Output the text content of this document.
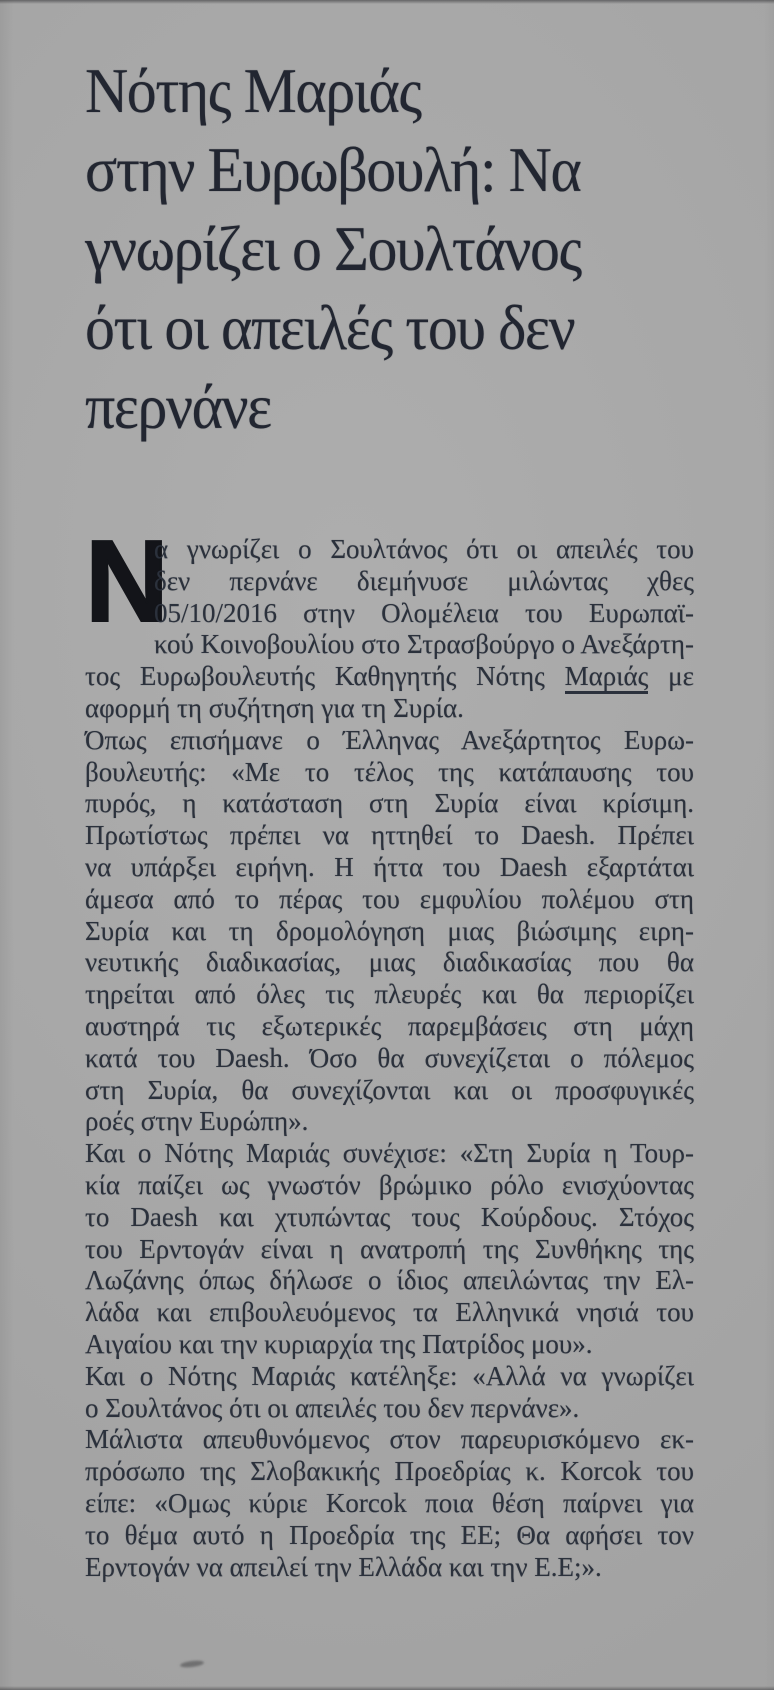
Νότης Μαριάς
στην Ευρωβουλή: Να
γνωρίζει ο Σουλτάνος
ότι οι απειλές του δεν
περνάνε

Ν
α γνωρίζει ο Σουλτάνος ότι οι απειλές του
δεν περνάνε διεμήνυσε μιλώντας χθες
05/10/2016 στην Ολομέλεια του Ευρωπαϊ-
κού Κοινοβουλίου στο Στρασβούργο ο Ανεξάρτη-
τος Ευρωβουλευτής Καθηγητής Νότης Μαριάς με
αφορμή τη συζήτηση για τη Συρία.

Όπως επισήμανε ο Έλληνας Ανεξάρτητος Ευρω-
βουλευτής: «Με το τέλος της κατάπαυσης του
πυρός, η κατάσταση στη Συρία είναι κρίσιμη.
Πρωτίστως πρέπει να ηττηθεί το Daesh. Πρέπει
να υπάρξει ειρήνη. Η ήττα του Daesh εξαρτάται
άμεσα από το πέρας του εμφυλίου πολέμου στη
Συρία και τη δρομολόγηση μιας βιώσιμης ειρη-
νευτικής διαδικασίας, μιας διαδικασίας που θα
τηρείται από όλες τις πλευρές και θα περιορίζει
αυστηρά τις εξωτερικές παρεμβάσεις στη μάχη
κατά του Daesh. Όσο θα συνεχίζεται ο πόλεμος
στη Συρία, θα συνεχίζονται και οι προσφυγικές
ροές στην Ευρώπη».

Και ο Νότης Μαριάς συνέχισε: «Στη Συρία η Τουρ-
κία παίζει ως γνωστόν βρώμικο ρόλο ενισχύοντας
το Daesh και χτυπώντας τους Κούρδους. Στόχος
του Ερντογάν είναι η ανατροπή της Συνθήκης της
Λωζάνης όπως δήλωσε ο ίδιος απειλώντας την Ελ-
λάδα και επιβουλευόμενος τα Ελληνικά νησιά του
Αιγαίου και την κυριαρχία της Πατρίδος μου».

Και ο Νότης Μαριάς κατέληξε: «Αλλά να γνωρίζει
ο Σουλτάνος ότι οι απειλές του δεν περνάνε».

Μάλιστα απευθυνόμενος στον παρευρισκόμενο εκ-
πρόσωπο της Σλοβακικής Προεδρίας κ. Korcok του
είπε: «Ομως κύριε Korcok ποια θέση παίρνει για
το θέμα αυτό η Προεδρία της ΕΕ; Θα αφήσει τον
Ερντογάν να απειλεί την Ελλάδα και την Ε.Ε;».
